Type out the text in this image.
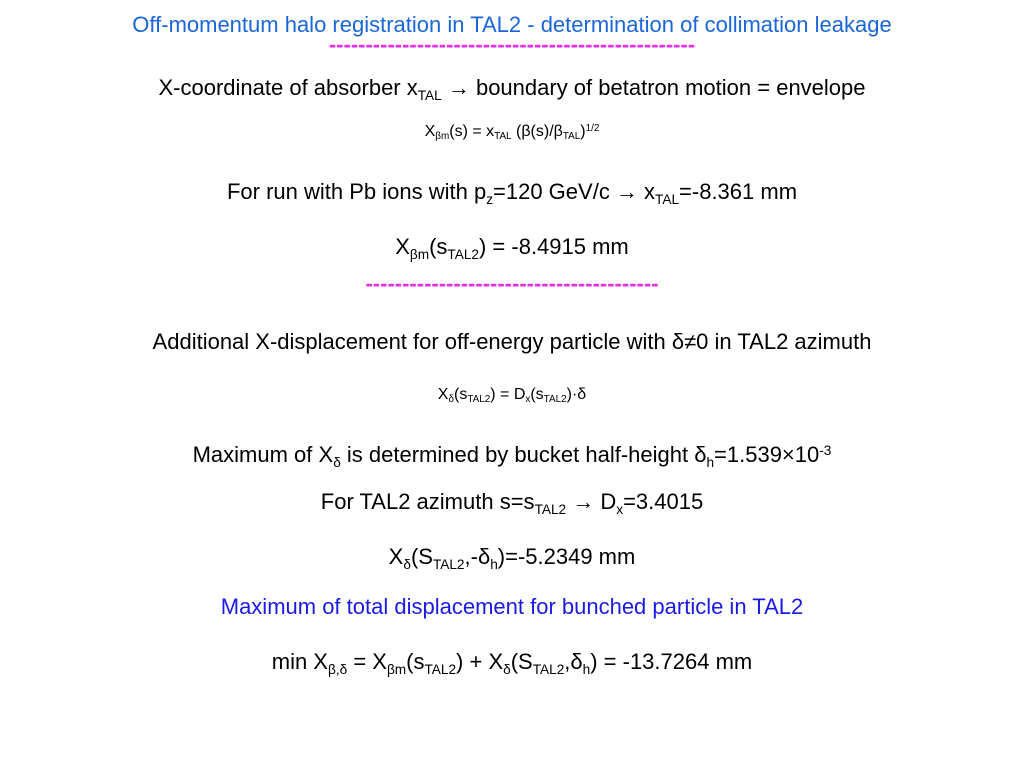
Off-momentum halo registration in TAL2 - determination of collimation leakage
--------------------------------------------------
X-coordinate of absorber $x_{TAL}$ → boundary of betatron motion = envelope
$X_{\beta m}(s) = x_{TAL}$ $(\beta(s)/\beta_{TAL})^{1/2}$
For run with Pb ions with $p_z=120$ $GeV/c \to x_{TAL}=-8.361$ mm
$X_{\beta m}(s_{TAL2}) = -8.4915$ mm
----------------------------------------
Additional X-displacement for off-energy particle with δ≠0 in TAL2 azimuth
$X_\delta(s_{TAL2}) = D_x(s_{TAL2})\cdot\delta$
Maximum of $X_\delta$ is determined by bucket half-height $\delta_h=1.539\times 10^{-3}$
For TAL2 azimuth $s=s_{TAL2} \to D_x=3.4015$
$X_\delta(S_{TAL2},-\delta_h)=-5.2349$ mm
Maximum of total displacement for bunched particle in TAL2
$\min X_{\beta,\delta} = X_{\beta m}(s_{TAL2}) + X_\delta(S_{TAL2},\delta_h) = -13.7264$ mm
